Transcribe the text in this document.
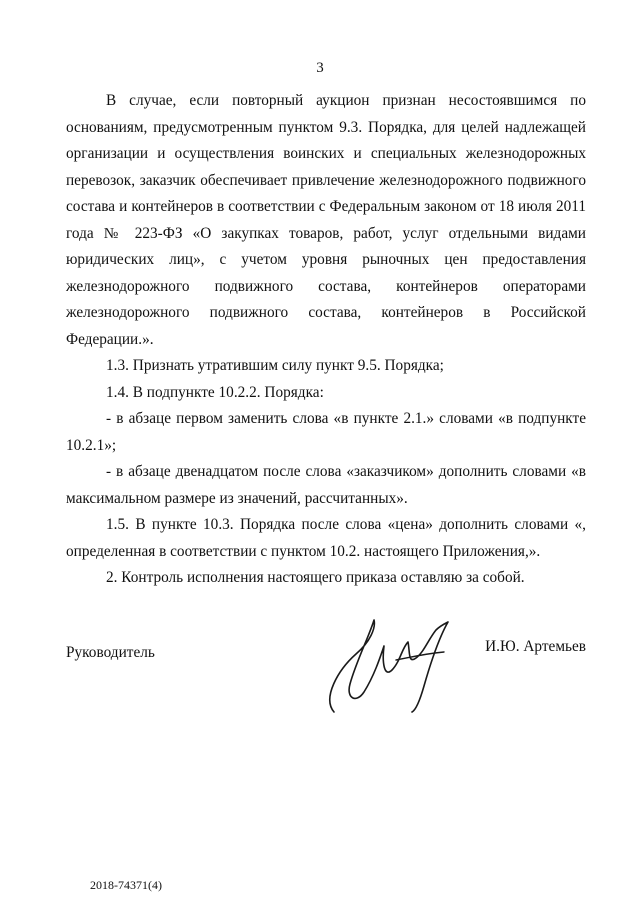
3

В случае, если повторный аукцион признан несостоявшимся по основаниям, предусмотренным пунктом 9.3. Порядка, для целей надлежащей организации и осуществления воинских и специальных железнодорожных перевозок, заказчик обеспечивает привлечение железнодорожного подвижного состава и контейнеров в соответствии с Федеральным законом от 18 июля 2011 года № 223-ФЗ «О закупках товаров, работ, услуг отдельными видами юридических лиц», с учетом уровня рыночных цен предоставления железнодорожного подвижного состава, контейнеров операторами железнодорожного подвижного состава, контейнеров в Российской Федерации.».

1.3. Признать утратившим силу пункт 9.5. Порядка;

1.4. В подпункте 10.2.2. Порядка:

- в абзаце первом заменить слова «в пункте 2.1.» словами «в подпункте 10.2.1»;

- в абзаце двенадцатом после слова «заказчиком» дополнить словами «в максимальном размере из значений, рассчитанных».

1.5. В пункте 10.3. Порядка после слова «цена» дополнить словами «, определенная в соответствии с пунктом 10.2. настоящего Приложения,».

2. Контроль исполнения настоящего приказа оставляю за собой.

Руководитель	И.Ю. Артемьев
2018-74371(4)
